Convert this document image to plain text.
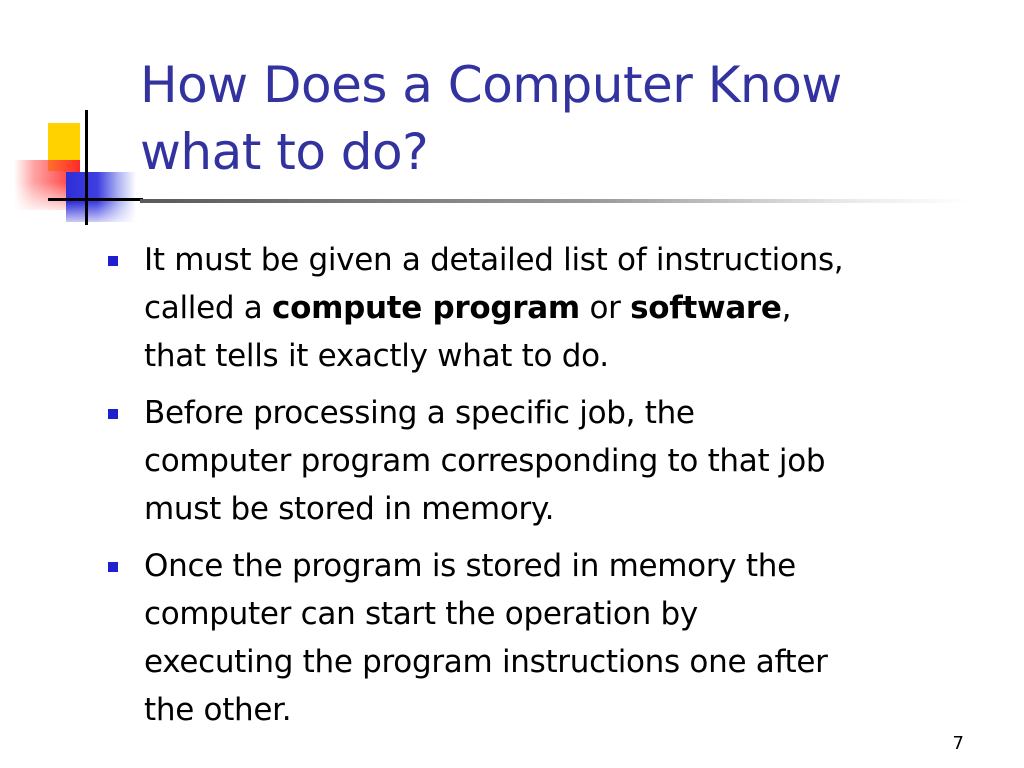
How Does a Computer Know
what to do?
It must be given a detailed list of instructions,
called a compute program or software,
that tells it exactly what to do.
Before processing a specific job, the
computer program corresponding to that job
must be stored in memory.
Once the program is stored in memory the
computer can start the operation by
executing the program instructions one after
the other.
7
